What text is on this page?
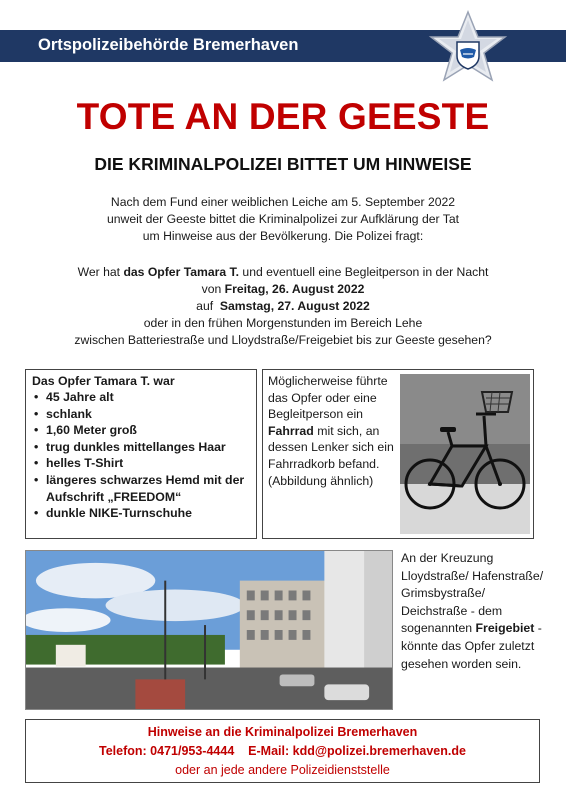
Ortspolizeibehörde Bremerhaven
TOTE AN DER GEESTE
DIE KRIMINALPOLIZEI BITTET UM HINWEISE

Nach dem Fund einer weiblichen Leiche am 5. September 2022

unweit der Geeste bittet die Kriminalpolizei zur Aufklärung der Tat

um Hinweise aus der Bevölkerung. Die Polizei fragt:

Wer hat das Opfer Tamara T. und eventuell eine Begleitperson in der Nacht

von Freitag, 26. August 2022

auf  Samstag, 27. August 2022

oder in den frühen Morgenstunden im Bereich Lehe

zwischen Batteriestraße und Lloydstraße/Freigebiet bis zur Geeste gesehen?

Das Opfer Tamara T. war
• 45 Jahre alt
• schlank
• 1,60 Meter groß
• trug dunkles mittellanges Haar
• helles T-Shirt
• längeres schwarzes Hemd mit der Aufschrift „FREEDOM“
• dunkle NIKE-Turnschuhe
Möglicherweise führte das Opfer oder eine Begleitperson ein Fahrrad mit sich, an dessen Lenker sich ein Fahrradkorb befand.
(Abbildung ähnlich)
An der Kreuzung Lloydstraße/ Hafenstraße/ Grimsbystraße/ Deichstraße - dem sogenannten Freigebiet - könnte das Opfer zuletzt gesehen worden sein.
Hinweise an die Kriminalpolizei Bremerhaven
Telefon: 0471/953-4444    E-Mail: kdd@polizei.bremerhaven.de
oder an jede andere Polizeidienststelle
